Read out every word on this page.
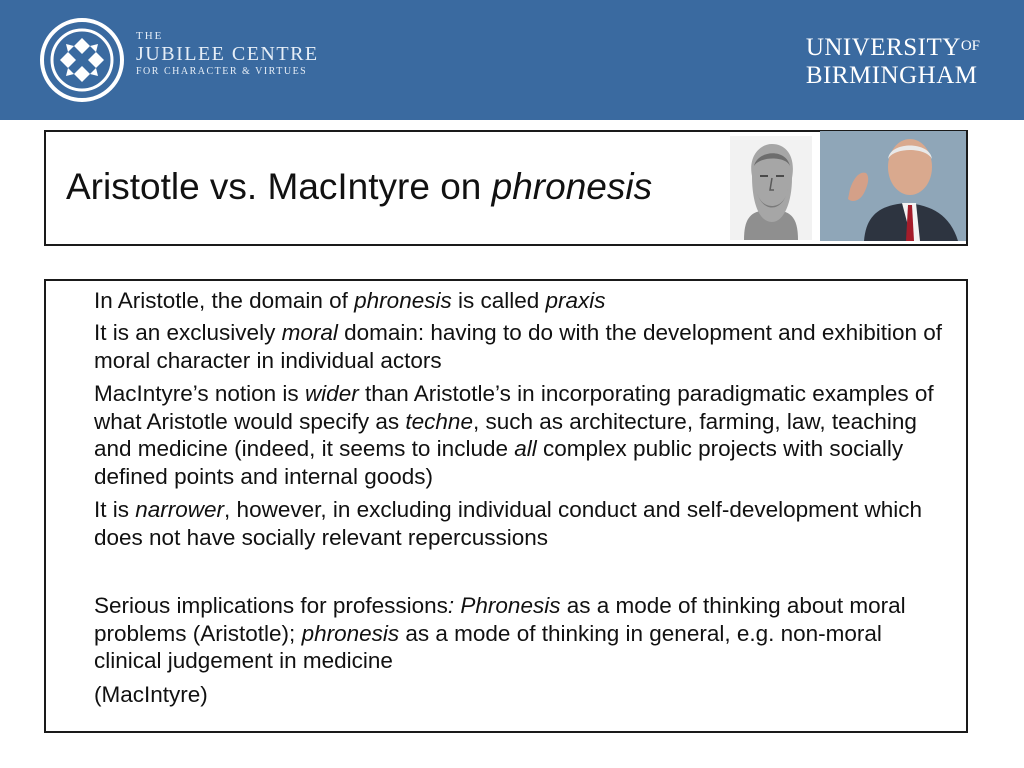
THE
JUBILEE CENTRE
FOR CHARACTER & VIRTUES
$UNIVERSITY^{OF}$
BIRMINGHAM
Aristotle vs. MacIntyre on phronesis
In Aristotle, the domain of phronesis is called praxis
It is an exclusively moral domain: having to do with the development and exhibition of moral character in individual actors
MacIntyre’s notion is wider than Aristotle’s in incorporating paradigmatic examples of what Aristotle would specify as techne, such as architecture, farming, law, teaching and medicine (indeed, it seems to include all complex public projects with socially defined points and internal goods)
It is narrower, however, in excluding individual conduct and self-development which does not have socially relevant repercussions
Serious implications for professions: Phronesis as a mode of thinking about moral problems (Aristotle); phronesis as a mode of thinking in general, e.g. non-moral clinical judgement in medicine
(MacIntyre)
